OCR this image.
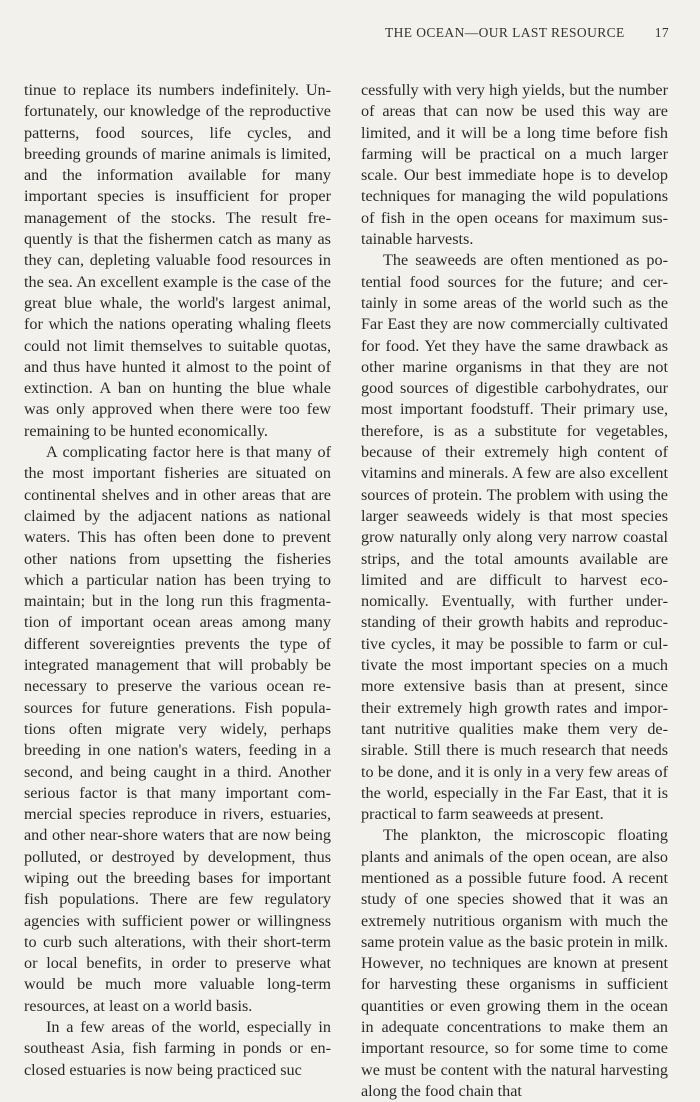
THE OCEAN—OUR LAST RESOURCE 17

tinue to replace its numbers indefinitely. Unfortunately, our knowledge of the reproductive patterns, food sources, life cycles, and breeding grounds of marine animals is limited, and the information available for many important species is insufficient for proper management of the stocks. The result frequently is that the fishermen catch as many as they can, depleting valuable food resources in the sea. An excellent example is the case of the great blue whale, the world's largest animal, for which the nations operating whaling fleets could not limit themselves to suitable quotas, and thus have hunted it almost to the point of extinction. A ban on hunting the blue whale was only approved when there were too few remaining to be hunted economically.

A complicating factor here is that many of the most important fisheries are situated on continental shelves and in other areas that are claimed by the adjacent nations as national waters. This has often been done to prevent other nations from upsetting the fisheries which a particular nation has been trying to maintain; but in the long run this fragmentation of important ocean areas among many different sovereignties prevents the type of integrated management that will probably be necessary to preserve the various ocean resources for future generations. Fish populations often migrate very widely, perhaps breeding in one nation's waters, feeding in a second, and being caught in a third. Another serious factor is that many important commercial species reproduce in rivers, estuaries, and other near-shore waters that are now being polluted, or destroyed by development, thus wiping out the breeding bases for important fish populations. There are few regulatory agencies with sufficient power or willingness to curb such alterations, with their short-term or local benefits, in order to preserve what would be much more valuable long-term resources, at least on a world basis.

In a few areas of the world, especially in southeast Asia, fish farming in ponds or enclosed estuaries is now being practiced suc

cessfully with very high yields, but the number of areas that can now be used this way are limited, and it will be a long time before fish farming will be practical on a much larger scale. Our best immediate hope is to develop techniques for managing the wild populations of fish in the open oceans for maximum sustainable harvests.

The seaweeds are often mentioned as potential food sources for the future; and certainly in some areas of the world such as the Far East they are now commercially cultivated for food. Yet they have the same drawback as other marine organisms in that they are not good sources of digestible carbohydrates, our most important foodstuff. Their primary use, therefore, is as a substitute for vegetables, because of their extremely high content of vitamins and minerals. A few are also excellent sources of protein. The problem with using the larger seaweeds widely is that most species grow naturally only along very narrow coastal strips, and the total amounts available are limited and are difficult to harvest economically. Eventually, with further understanding of their growth habits and reproductive cycles, it may be possible to farm or cultivate the most important species on a much more extensive basis than at present, since their extremely high growth rates and important nutritive qualities make them very desirable. Still there is much research that needs to be done, and it is only in a very few areas of the world, especially in the Far East, that it is practical to farm seaweeds at present.

The plankton, the microscopic floating plants and animals of the open ocean, are also mentioned as a possible future food. A recent study of one species showed that it was an extremely nutritious organism with much the same protein value as the basic protein in milk. However, no techniques are known at present for harvesting these organisms in sufficient quantities or even growing them in the ocean in adequate concentrations to make them an important resource, so for some time to come we must be content with the natural harvesting along the food chain that
